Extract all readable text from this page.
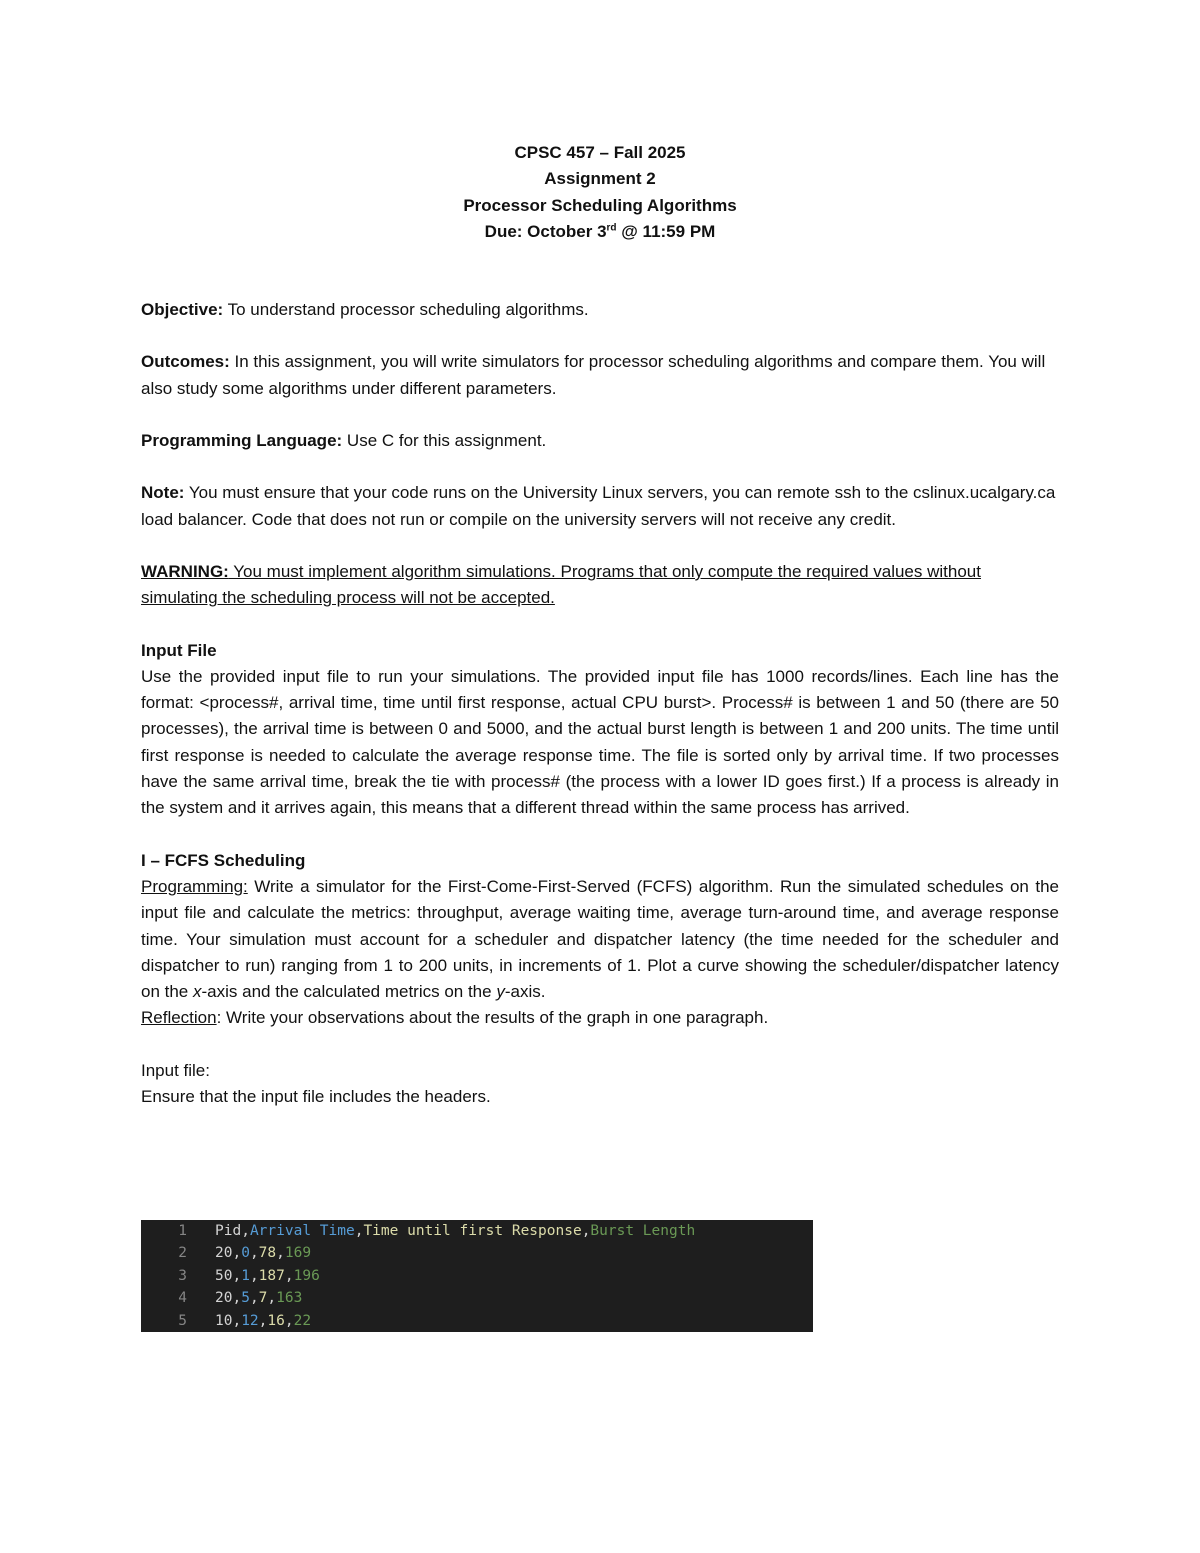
CPSC 457 – Fall 2025
Assignment 2
Processor Scheduling Algorithms
Due: October 3rd @ 11:59 PM

Objective: To understand processor scheduling algorithms.

Outcomes: In this assignment, you will write simulators for processor scheduling algorithms and compare them. You will also study some algorithms under different parameters.

Programming Language: Use C for this assignment.

Note: You must ensure that your code runs on the University Linux servers, you can remote ssh to the cslinux.ucalgary.ca load balancer. Code that does not run or compile on the university servers will not receive any credit.

WARNING: You must implement algorithm simulations. Programs that only compute the required values without simulating the scheduling process will not be accepted.

Input File
Use the provided input file to run your simulations. The provided input file has 1000 records/lines. Each line has the format: <process#, arrival time, time until first response, actual CPU burst>. Process# is between 1 and 50 (there are 50 processes), the arrival time is between 0 and 5000, and the actual burst length is between 1 and 200 units. The time until first response is needed to calculate the average response time. The file is sorted only by arrival time. If two processes have the same arrival time, break the tie with process# (the process with a lower ID goes first.) If a process is already in the system and it arrives again, this means that a different thread within the same process has arrived.

I – FCFS Scheduling
Programming: Write a simulator for the First-Come-First-Served (FCFS) algorithm. Run the simulated schedules on the input file and calculate the metrics: throughput, average waiting time, average turn-around time, and average response time. Your simulation must account for a scheduler and dispatcher latency (the time needed for the scheduler and dispatcher to run) ranging from 1 to 200 units, in increments of 1. Plot a curve showing the scheduler/dispatcher latency on the x-axis and the calculated metrics on the y-axis.
Reflection: Write your observations about the results of the graph in one paragraph.

Input file:
Ensure that the input file includes the headers.

1	Pid , Arrival Time , Time until first Response , Burst Length
2	20 , 0 , 78 , 169
3	50 , 1 , 187 , 196
4	20 , 5 , 7 , 163
5	10 , 12 , 16 , 22
